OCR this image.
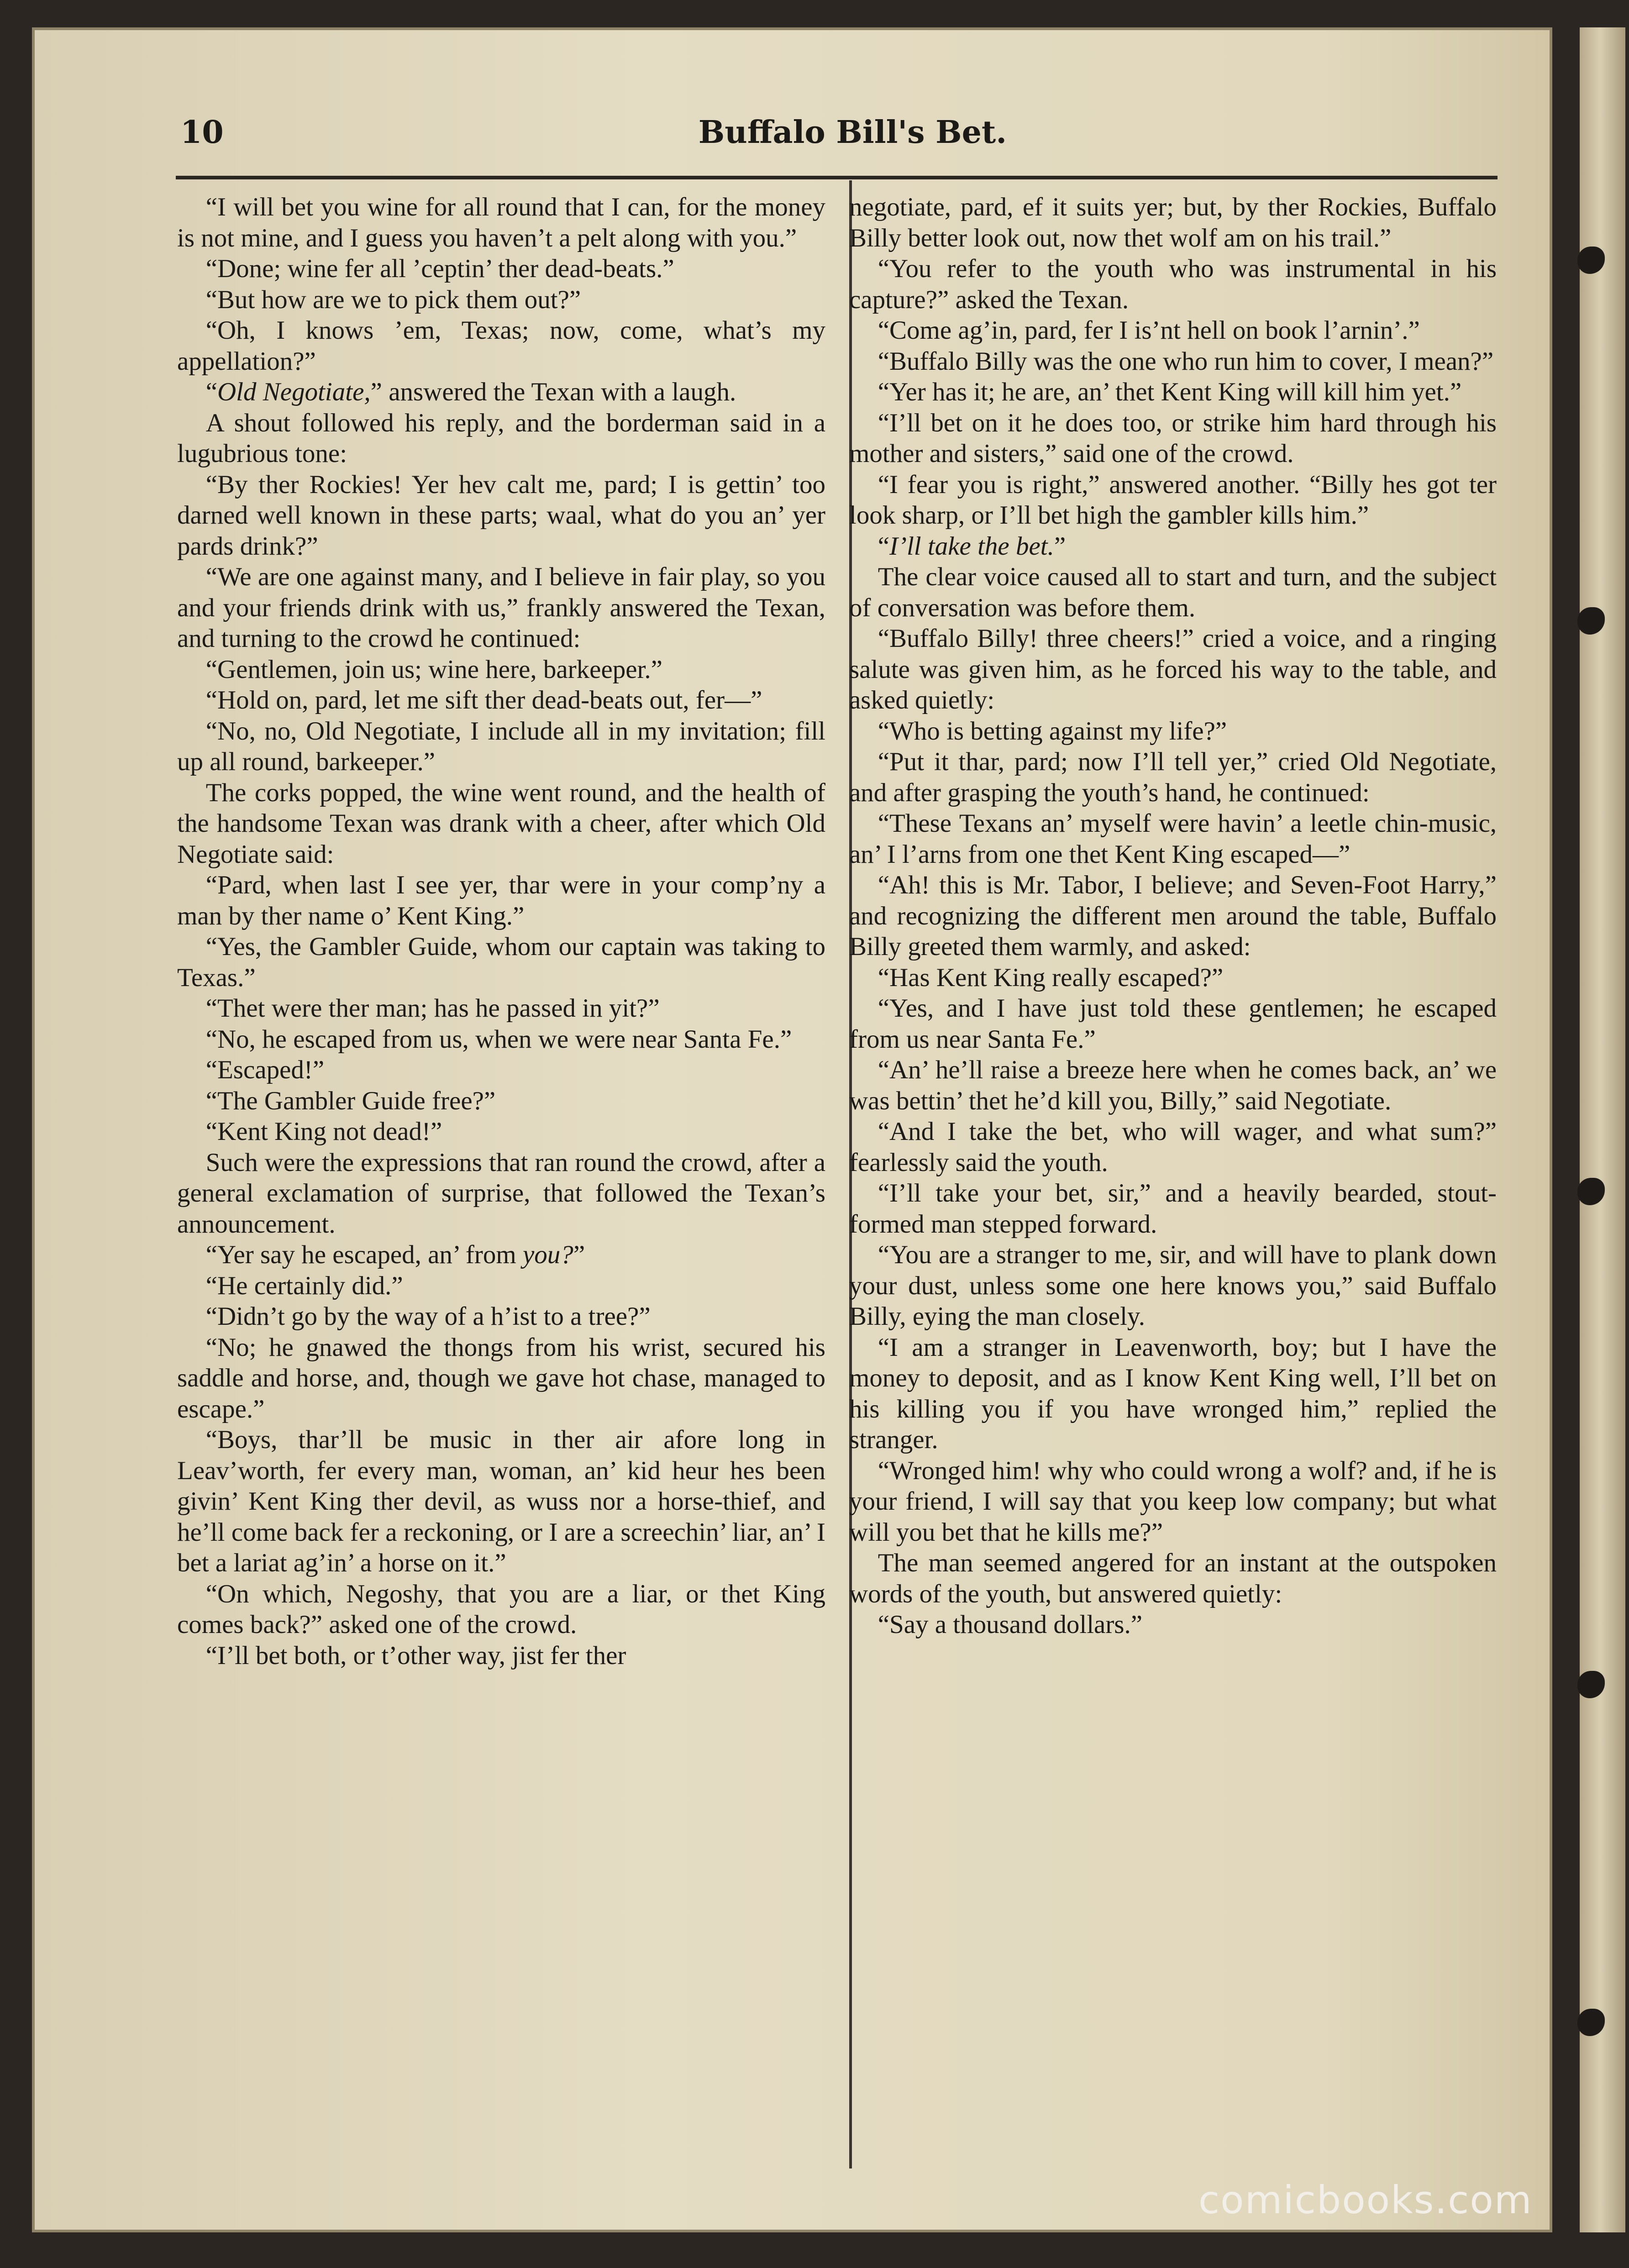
10	Buffalo Bill's Bet.

“I will bet you wine for all round that I can, for the money is not mine, and I guess you haven’t a pelt along with you.”

“Done; wine fer all ’ceptin’ ther dead-beats.”

“But how are we to pick them out?”

“Oh, I knows ’em, Texas; now, come, what’s my appellation?”

“Old Negotiate,” answered the Texan with a laugh.

A shout followed his reply, and the borderman said in a lugubrious tone:

“By ther Rockies! Yer hev calt me, pard; I is gettin’ too darned well known in these parts; waal, what do you an’ yer pards drink?”

“We are one against many, and I believe in fair play, so you and your friends drink with us,” frankly answered the Texan, and turning to the crowd he continued:

“Gentlemen, join us; wine here, barkeeper.”

“Hold on, pard, let me sift ther dead-beats out, fer—”

“No, no, Old Negotiate, I include all in my invitation; fill up all round, barkeeper.”

The corks popped, the wine went round, and the health of the handsome Texan was drank with a cheer, after which Old Negotiate said:

“Pard, when last I see yer, thar were in your comp’ny a man by ther name o’ Kent King.”

“Yes, the Gambler Guide, whom our captain was taking to Texas.”

“Thet were ther man; has he passed in yit?”

“No, he escaped from us, when we were near Santa Fe.”

“Escaped!”

“The Gambler Guide free?”

“Kent King not dead!”

Such were the expressions that ran round the crowd, after a general exclamation of surprise, that followed the Texan’s announcement.

“Yer say he escaped, an’ from you?”

“He certainly did.”

“Didn’t go by the way of a h’ist to a tree?”

“No; he gnawed the thongs from his wrist, secured his saddle and horse, and, though we gave hot chase, managed to escape.”

“Boys, thar’ll be music in ther air afore long in Leav’worth, fer every man, woman, an’ kid heur hes been givin’ Kent King ther devil, as wuss nor a horse-thief, and he’ll come back fer a reckoning, or I are a screechin’ liar, an’ I bet a lariat ag’in’ a horse on it.”

“On which, Negoshy, that you are a liar, or thet King comes back?” asked one of the crowd.

“I’ll bet both, or t’other way, jist fer ther

negotiate, pard, ef it suits yer; but, by ther Rockies, Buffalo Billy better look out, now thet wolf am on his trail.”

“You refer to the youth who was instrumental in his capture?” asked the Texan.

“Come ag’in, pard, fer I is’nt hell on book l’arnin’.”

“Buffalo Billy was the one who run him to cover, I mean?”

“Yer has it; he are, an’ thet Kent King will kill him yet.”

“I’ll bet on it he does too, or strike him hard through his mother and sisters,” said one of the crowd.

“I fear you is right,” answered another. “Billy hes got ter look sharp, or I’ll bet high the gambler kills him.”

“I’ll take the bet.”

The clear voice caused all to start and turn, and the subject of conversation was before them.

“Buffalo Billy! three cheers!” cried a voice, and a ringing salute was given him, as he forced his way to the table, and asked quietly:

“Who is betting against my life?”

“Put it thar, pard; now I’ll tell yer,” cried Old Negotiate, and after grasping the youth’s hand, he continued:

“These Texans an’ myself were havin’ a leetle chin-music, an’ I l’arns from one thet Kent King escaped—”

“Ah! this is Mr. Tabor, I believe; and Seven-Foot Harry,” and recognizing the different men around the table, Buffalo Billy greeted them warmly, and asked:

“Has Kent King really escaped?”

“Yes, and I have just told these gentlemen; he escaped from us near Santa Fe.”

“An’ he’ll raise a breeze here when he comes back, an’ we was bettin’ thet he’d kill you, Billy,” said Negotiate.

“And I take the bet, who will wager, and what sum?” fearlessly said the youth.

“I’ll take your bet, sir,” and a heavily bearded, stout-formed man stepped forward.

“You are a stranger to me, sir, and will have to plank down your dust, unless some one here knows you,” said Buffalo Billy, eying the man closely.

“I am a stranger in Leavenworth, boy; but I have the money to deposit, and as I know Kent King well, I’ll bet on his killing you if you have wronged him,” replied the stranger.

“Wronged him! why who could wrong a wolf? and, if he is your friend, I will say that you keep low company; but what will you bet that he kills me?”

The man seemed angered for an instant at the outspoken words of the youth, but answered quietly:

“Say a thousand dollars.”

comicbooks.com
